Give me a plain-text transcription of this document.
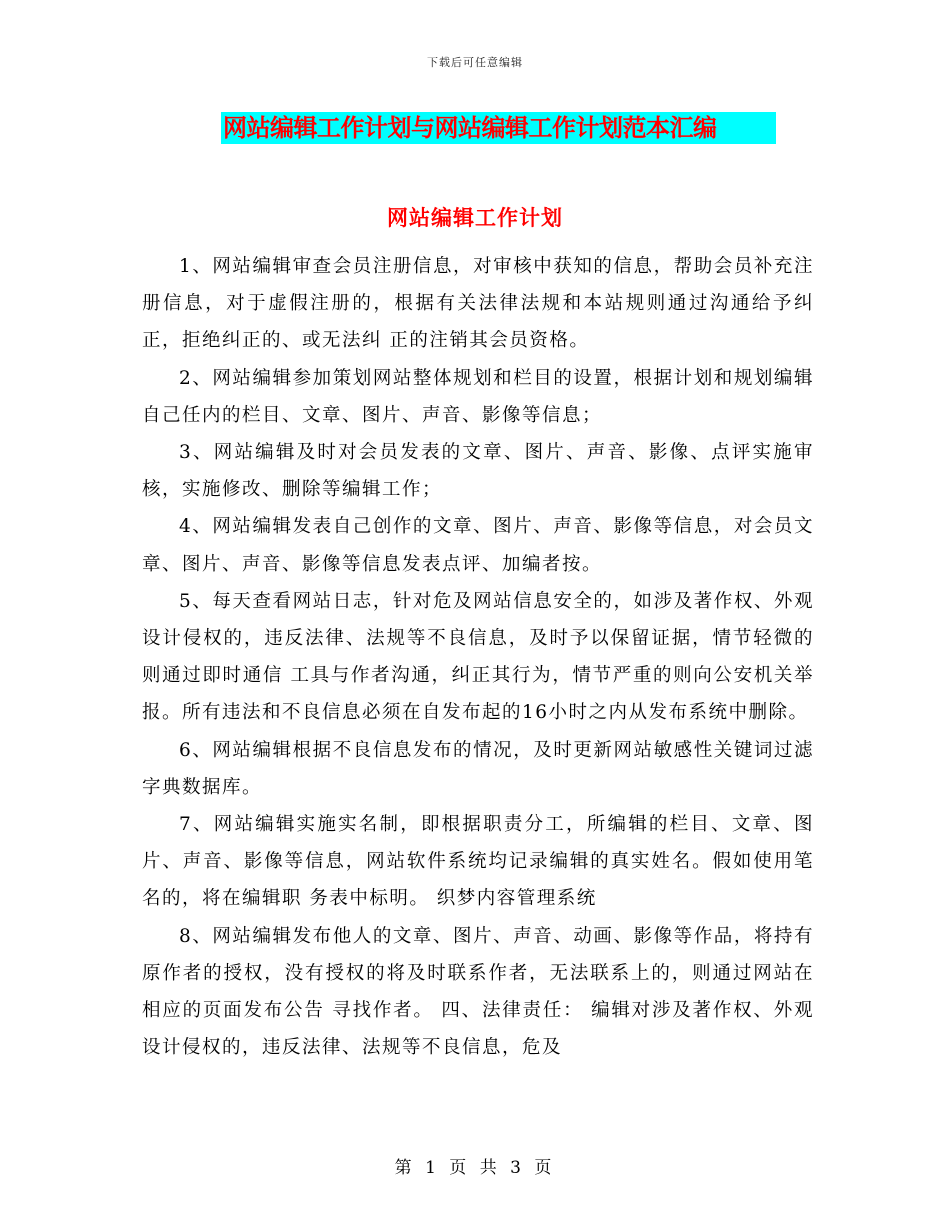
下载后可任意编辑
网站编辑工作计划与网站编辑工作计划范本汇编
网站编辑工作计划

1、网站编辑审查会员注册信息，对审核中获知的信息，帮助会员补充注册信息，对于虚假注册的，根据有关法律法规和本站规则通过沟通给予纠正，拒绝纠正的、或无法纠 正的注销其会员资格。

2、网站编辑参加策划网站整体规划和栏目的设置，根据计划和规划编辑自己任内的栏目、文章、图片、声音、影像等信息；

3、网站编辑及时对会员发表的文章、图片、声音、影像、点评实施审核，实施修改、删除等编辑工作；

4、网站编辑发表自己创作的文章、图片、声音、影像等信息，对会员文章、图片、声音、影像等信息发表点评、加编者按。

5、每天查看网站日志，针对危及网站信息安全的，如涉及著作权、外观设计侵权的，违反法律、法规等不良信息，及时予以保留证据，情节轻微的则通过即时通信 工具与作者沟通，纠正其行为，情节严重的则向公安机关举报。所有违法和不良信息必须在自发布起的16小时之内从发布系统中删除。

6、网站编辑根据不良信息发布的情况，及时更新网站敏感性关键词过滤字典数据库。

7、网站编辑实施实名制，即根据职责分工，所编辑的栏目、文章、图片、声音、影像等信息，网站软件系统均记录编辑的真实姓名。假如使用笔名的，将在编辑职 务表中标明。 织梦内容管理系统

8、网站编辑发布他人的文章、图片、声音、动画、影像等作品，将持有原作者的授权，没有授权的将及时联系作者，无法联系上的，则通过网站在相应的页面发布公告 寻找作者。 四、法律责任： 编辑对涉及著作权、外观设计侵权的，违反法律、法规等不良信息，危及

第 1 页 共 3 页
